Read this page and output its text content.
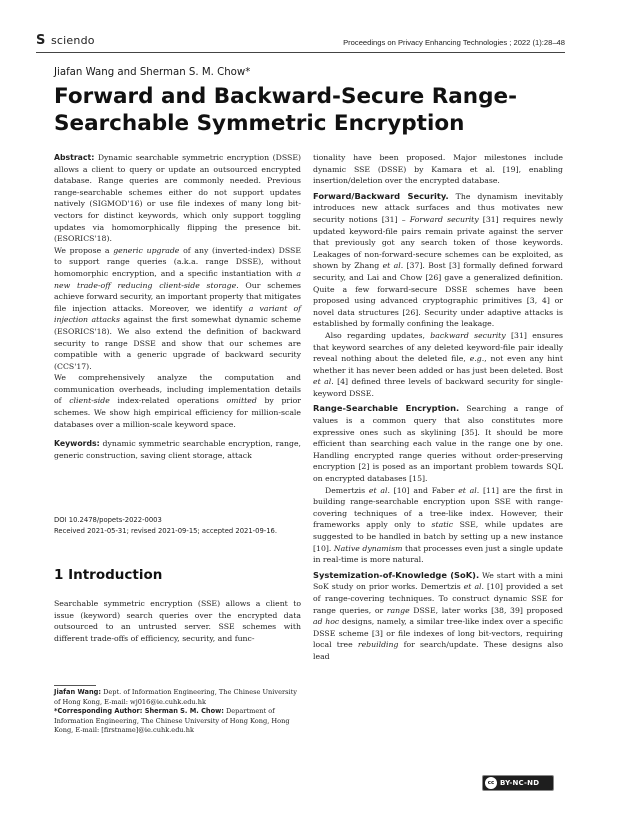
S sciendo	Proceedings on Privacy Enhancing Technologies ; 2022 (1):28–48
Jiafan Wang and Sherman S. M. Chow*
Forward and Backward-Secure Range-Searchable Symmetric Encryption

Abstract: Dynamic searchable symmetric encryption (DSSE) allows a client to query or update an outsourced encrypted database. Range queries are commonly needed. Previous range-searchable schemes either do not support updates natively (SIGMOD'16) or use file indexes of many long bit-vectors for distinct keywords, which only support toggling updates via homomorphically flipping the presence bit. (ESORICS'18).

We propose a generic upgrade of any (inverted-index) DSSE to support range queries (a.k.a. range DSSE), without homomorphic encryption, and a specific instantiation with a new trade-off reducing client-side storage. Our schemes achieve forward security, an important property that mitigates file injection attacks. Moreover, we identify a variant of injection attacks against the first somewhat dynamic scheme (ESORICS'18). We also extend the definition of backward security to range DSSE and show that our schemes are compatible with a generic upgrade of backward security (CCS'17).

We comprehensively analyze the computation and communication overheads, including implementation details of client-side index-related operations omitted by prior schemes. We show high empirical efficiency for million-scale databases over a million-scale keyword space.

Keywords: dynamic symmetric searchable encryption, range, generic construction, saving client storage, attack

DOI 10.2478/popets-2022-0003
Received 2021-05-31; revised 2021-09-15; accepted 2021-09-16.
1 Introduction
Searchable symmetric encryption (SSE) allows a client to issue (keyword) search queries over the encrypted data outsourced to an untrusted server. SSE schemes with different trade-offs of efficiency, security, and func-

Jiafan Wang: Dept. of Information Engineering, The Chinese University of Hong Kong, E-mail: wj016@ie.cuhk.edu.hk

*Corresponding Author: Sherman S. M. Chow: Department of Information Engineering, The Chinese University of Hong Kong, Hong Kong, E-mail: [firstname]@ie.cuhk.edu.hk

tionality have been proposed. Major milestones include dynamic SSE (DSSE) by Kamara et al. [19], enabling insertion/deletion over the encrypted database.

Forward/Backward Security. The dynamism inevitably introduces new attack surfaces and thus motivates new security notions [31] – Forward security [31] requires newly updated keyword-file pairs remain private against the server that previously got any search token of those keywords. Leakages of non-forward-secure schemes can be exploited, as shown by Zhang et al. [37]. Bost [3] formally defined forward security, and Lai and Chow [26] gave a generalized definition. Quite a few forward-secure DSSE schemes have been proposed using advanced cryptographic primitives [3, 4] or novel data structures [26]. Security under adaptive attacks is established by formally confining the leakage.

Also regarding updates, backward security [31] ensures that keyword searches of any deleted keyword-file pair ideally reveal nothing about the deleted file, e.g., not even any hint whether it has never been added or has just been deleted. Bost et al. [4] defined three levels of backward security for single-keyword DSSE.

Range-Searchable Encryption. Searching a range of values is a common query that also constitutes more expressive ones such as skylining [35]. It should be more efficient than searching each value in the range one by one. Handling encrypted range queries without order-preserving encryption [2] is posed as an important problem towards SQL on encrypted databases [15].

Demertzis et al. [10] and Faber et al. [11] are the first in building range-searchable encryption upon SSE with range-covering techniques of a tree-like index. However, their frameworks apply only to static SSE, while updates are suggested to be handled in batch by setting up a new instance [10]. Native dynamism that processes even just a single update in real-time is more natural.

Systemization-of-Knowledge (SoK). We start with a mini SoK study on prior works. Demertzis et al. [10] provided a set of range-covering techniques. To construct dynamic SSE for range queries, or range DSSE, later works [38, 39] proposed ad hoc designs, namely, a similar tree-like index over a specific DSSE scheme [3] or file indexes of long bit-vectors, requiring local tree rebuilding for search/update. These designs also lead

cc BY-NC-ND
